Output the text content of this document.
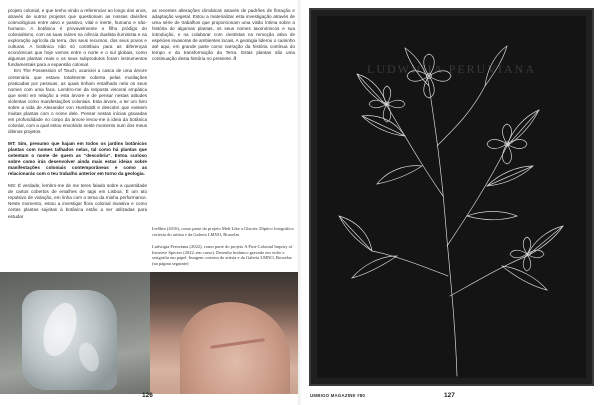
projeto colonial, e que tenho vindo a referenciar ao longo dos anos, através de outros projetos que questionam as nossas divisões cosmológicas entre ativo e passivo, vital e inerte, humano e não-humano. A botânica é provavelmente o filho pródigo do colonialismo, com as suas raízes na ciência dualista iluminista e na exploração agrícola da terra, dos seus recursos, dos seus povos e culturas. A botânica não só contribuiu para as diferenças económicas que hoje vemos entre o norte e o sul globais, como algumas plantas reais e os seus subprodutos foram instrumentos fundamentais para a expansão colonial.

Em The Possession of Touch, acariciei a casca de uma árvore centenária que estava totalmente coberta pelas mutilações praticadas por pessoas, as quais tinham entalhado nela os seus nomes com uma faca. Lembro-me da resposta visceral empática que senti em relação a esta árvore e de pensar nestas atitudes violentas como manifestações coloniais. Esta árvore, a ter um livro sobre a vida de Alexander von Humboldt e descobri que existem muitas plantas com o nome dele. Pensar nestas inícias gravadas em profundidade no corpo da árvore levou-me à ideia da botânica colonial, com a qual estou envolvido neste momento num dos meus últimos projetos.

MT: Sim, presumo que hajam em todos os jardins botânicos plantas com nomes talhados nelas, tal como há plantas que ostentam o nome de quem as “descobriu”. Estou curioso sobre como irás desenvolver ainda mais estas ideias sobre manifestações coloniais contemporâneas e como as relacionarás com o teu trabalho anterior em torno da geologia.

MS: É verdade, lembro-me de me teres falado sobre a quantidade de cartos cobertos de entalhes de tags em Lisboa. É um ato repulsivo de violação, em linha com o tema da minha performance. Neste momento, estou a investigar flora colonial invasiva e como certas plantas sujeitas à botânica estão a ser utilizadas para estudar

126

as recentes alterações climáticas através de padrões de floração e adaptação vegetal. Estou a materializar esta investigação através de uma série de trabalhos que proporcionam uma visão íntima sobre a história de algumas plantas, os seus nomes taxonómicos e sua introdução, e na colaborar com cientistas na remoção ativa de espécies invasoras de ambientes locais. A geologia liderou o caminho até aqui, em grande parte como narração da história contínua do tempo e da transformação da Terra. Estas plantas são uma continuação desta história no presente. //

IceSkin (2016), como parte do projeto Melt Like a Glacier. Díptico fotográfico cortesia do artista e da Galeria LMNO, Bruxelas
Ludwigia Peruviana (2022), como parte do projeto A Post-Colonial Inquiry of Invasive Species (2022–em curso). Desenho botânico gravado em vidro e serigrafia em papel. Imagem cortesia do artista e da Galeria LMNO, Bruxelas (na página seguinte)
LUDWIGIA PERUVIANA
UMBIGO MAGAZINE #80	127
